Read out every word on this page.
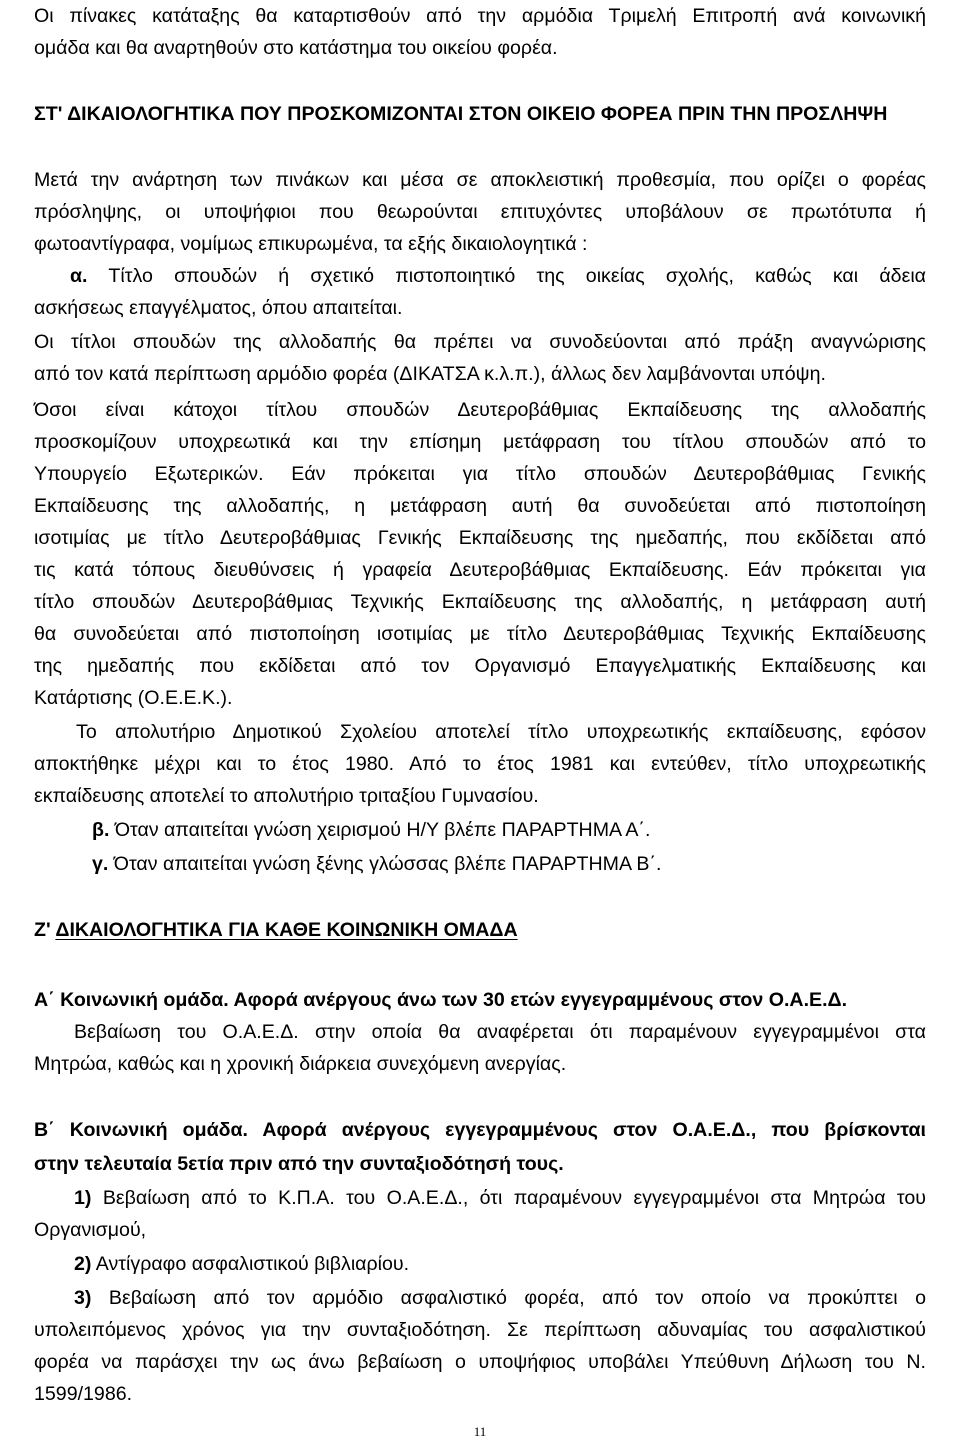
Οι πίνακες κατάταξης θα καταρτισθούν από την αρμόδια Τριμελή Επιτροπή ανά κοινωνική

ομάδα και θα αναρτηθούν στο κατάστημα του οικείου φορέα.

ΣΤ' ΔΙΚΑΙΟΛΟΓΗΤΙΚΑ ΠΟΥ ΠΡΟΣΚΟΜΙΖΟΝΤΑΙ ΣΤΟΝ ΟΙΚΕΙΟ ΦΟΡΕΑ ΠΡΙΝ ΤΗΝ ΠΡΟΣΛΗΨΗ

Μετά την ανάρτηση των πινάκων και μέσα σε αποκλειστική προθεσμία, που ορίζει ο φορέας

πρόσληψης, οι υποψήφιοι που θεωρούνται επιτυχόντες υποβάλουν σε πρωτότυπα ή

φωτοαντίγραφα, νομίμως επικυρωμένα, τα εξής δικαιολογητικά :

α. Τίτλο σπουδών ή σχετικό πιστοποιητικό της οικείας σχολής, καθώς και άδεια

ασκήσεως επαγγέλματος, όπου απαιτείται.

Οι τίτλοι σπουδών της αλλοδαπής θα πρέπει να συνοδεύονται από πράξη αναγνώρισης

από τον κατά περίπτωση αρμόδιο φορέα (ΔΙΚΑΤΣΑ κ.λ.π.), άλλως δεν λαμβάνονται υπόψη.

Όσοι είναι κάτοχοι τίτλου σπουδών Δευτεροβάθμιας Εκπαίδευσης της αλλοδαπής

προσκομίζουν υποχρεωτικά και την επίσημη μετάφραση του τίτλου σπουδών από το

Υπουργείο Εξωτερικών. Εάν πρόκειται για τίτλο σπουδών Δευτεροβάθμιας Γενικής

Εκπαίδευσης της αλλοδαπής, η μετάφραση αυτή θα συνοδεύεται από πιστοποίηση

ισοτιμίας με τίτλο Δευτεροβάθμιας Γενικής Εκπαίδευσης της ημεδαπής, που εκδίδεται από

τις κατά τόπους διευθύνσεις ή γραφεία Δευτεροβάθμιας Εκπαίδευσης. Εάν πρόκειται για

τίτλο σπουδών Δευτεροβάθμιας Τεχνικής Εκπαίδευσης της αλλοδαπής, η μετάφραση αυτή

θα συνοδεύεται από πιστοποίηση ισοτιμίας με τίτλο Δευτεροβάθμιας Τεχνικής Εκπαίδευσης

της ημεδαπής που εκδίδεται από τον Οργανισμό Επαγγελματικής Εκπαίδευσης και

Κατάρτισης (Ο.Ε.Ε.Κ.).

Το απολυτήριο Δημοτικού Σχολείου αποτελεί τίτλο υποχρεωτικής εκπαίδευσης, εφόσον

αποκτήθηκε μέχρι και το έτος 1980. Από το έτος 1981 και εντεύθεν, τίτλο υποχρεωτικής

εκπαίδευσης αποτελεί το απολυτήριο τριταξίου Γυμνασίου.

β. Όταν απαιτείται γνώση χειρισμού Η/Υ βλέπε ΠΑΡΑΡΤΗΜΑ Α΄.

γ. Όταν απαιτείται γνώση ξένης γλώσσας βλέπε ΠΑΡΑΡΤΗΜΑ Β΄.

Ζ' ΔΙΚΑΙΟΛΟΓΗΤΙΚΑ ΓΙΑ ΚΑΘΕ ΚΟΙΝΩΝΙΚΗ ΟΜΑΔΑ

Α΄ Κοινωνική ομάδα. Αφορά ανέργους άνω των 30 ετών εγγεγραμμένους στον Ο.Α.Ε.Δ.

Βεβαίωση του Ο.Α.Ε.Δ. στην οποία θα αναφέρεται ότι παραμένουν εγγεγραμμένοι στα

Μητρώα, καθώς και η χρονική διάρκεια συνεχόμενη ανεργίας.

Β΄ Κοινωνική ομάδα. Αφορά ανέργους εγγεγραμμένους στον Ο.Α.Ε.Δ., που βρίσκονται

στην τελευταία 5ετία πριν από την συνταξιοδότησή τους.

1) Βεβαίωση από το Κ.Π.Α. του Ο.Α.Ε.Δ., ότι παραμένουν εγγεγραμμένοι στα Μητρώα του

Οργανισμού,

2) Αντίγραφο ασφαλιστικού βιβλιαρίου.

3) Βεβαίωση από τον αρμόδιο ασφαλιστικό φορέα, από τον οποίο να προκύπτει ο

υπολειπόμενος χρόνος για την συνταξιοδότηση. Σε περίπτωση αδυναμίας του ασφαλιστικού

φορέα να παράσχει την ως άνω βεβαίωση ο υποψήφιος υποβάλει Υπεύθυνη Δήλωση του Ν.

1599/1986.

11
